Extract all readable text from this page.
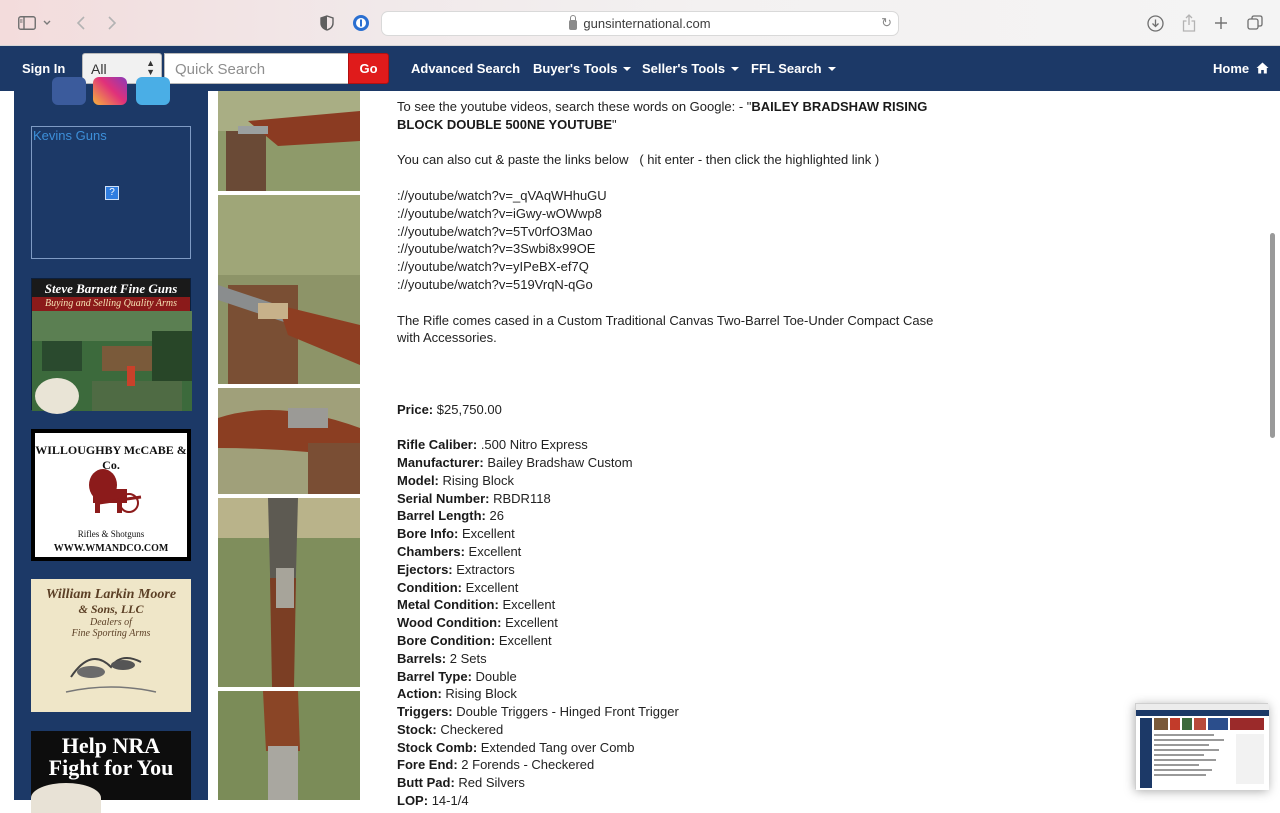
gunsinternational.com	↻
Sign In	Advanced Search Buyer's Tools	Seller's Tools	FFL Search	Home
All	▲
▼	Quick Search	Go
Kevins Guns
?
Steve Barnett Fine Guns
Buying and Selling Quality Arms
WILLOUGHBY McCABE & Co.
Rifles & Shotguns
WWW.WMANDCO.COM
William Larkin Moore
& Sons, LLC
Dealers of
Fine Sporting Arms
Help NRA
Fight for You

To see the youtube videos, search these words on Google: - "BAILEY BRADSHAW RISING BLOCK DOUBLE 500NE YOUTUBE"

You can also cut & paste the links below   ( hit enter - then click the highlighted link )

://youtube/watch?v=_qVAqWHhuGU

://youtube/watch?v=iGwy-wOWwp8

://youtube/watch?v=5Tv0rfO3Mao

://youtube/watch?v=3Swbi8x99OE

://youtube/watch?v=yIPeBX-ef7Q

://youtube/watch?v=519VrqN-qGo

The Rifle comes cased in a Custom Traditional Canvas Two-Barrel Toe-Under Compact Case with Accessories.

Price: $25,750.00

Rifle Caliber: .500 Nitro Express

Manufacturer: Bailey Bradshaw Custom

Model: Rising Block

Serial Number: RBDR118

Barrel Length: 26

Bore Info: Excellent

Chambers: Excellent

Ejectors: Extractors

Condition: Excellent

Metal Condition: Excellent

Wood Condition: Excellent

Bore Condition: Excellent

Barrels: 2 Sets

Barrel Type: Double

Action: Rising Block

Triggers: Double Triggers - Hinged Front Trigger

Stock: Checkered

Stock Comb: Extended Tang over Comb

Fore End: 2 Forends - Checkered

Butt Pad: Red Silvers

LOP: 14-1/4
